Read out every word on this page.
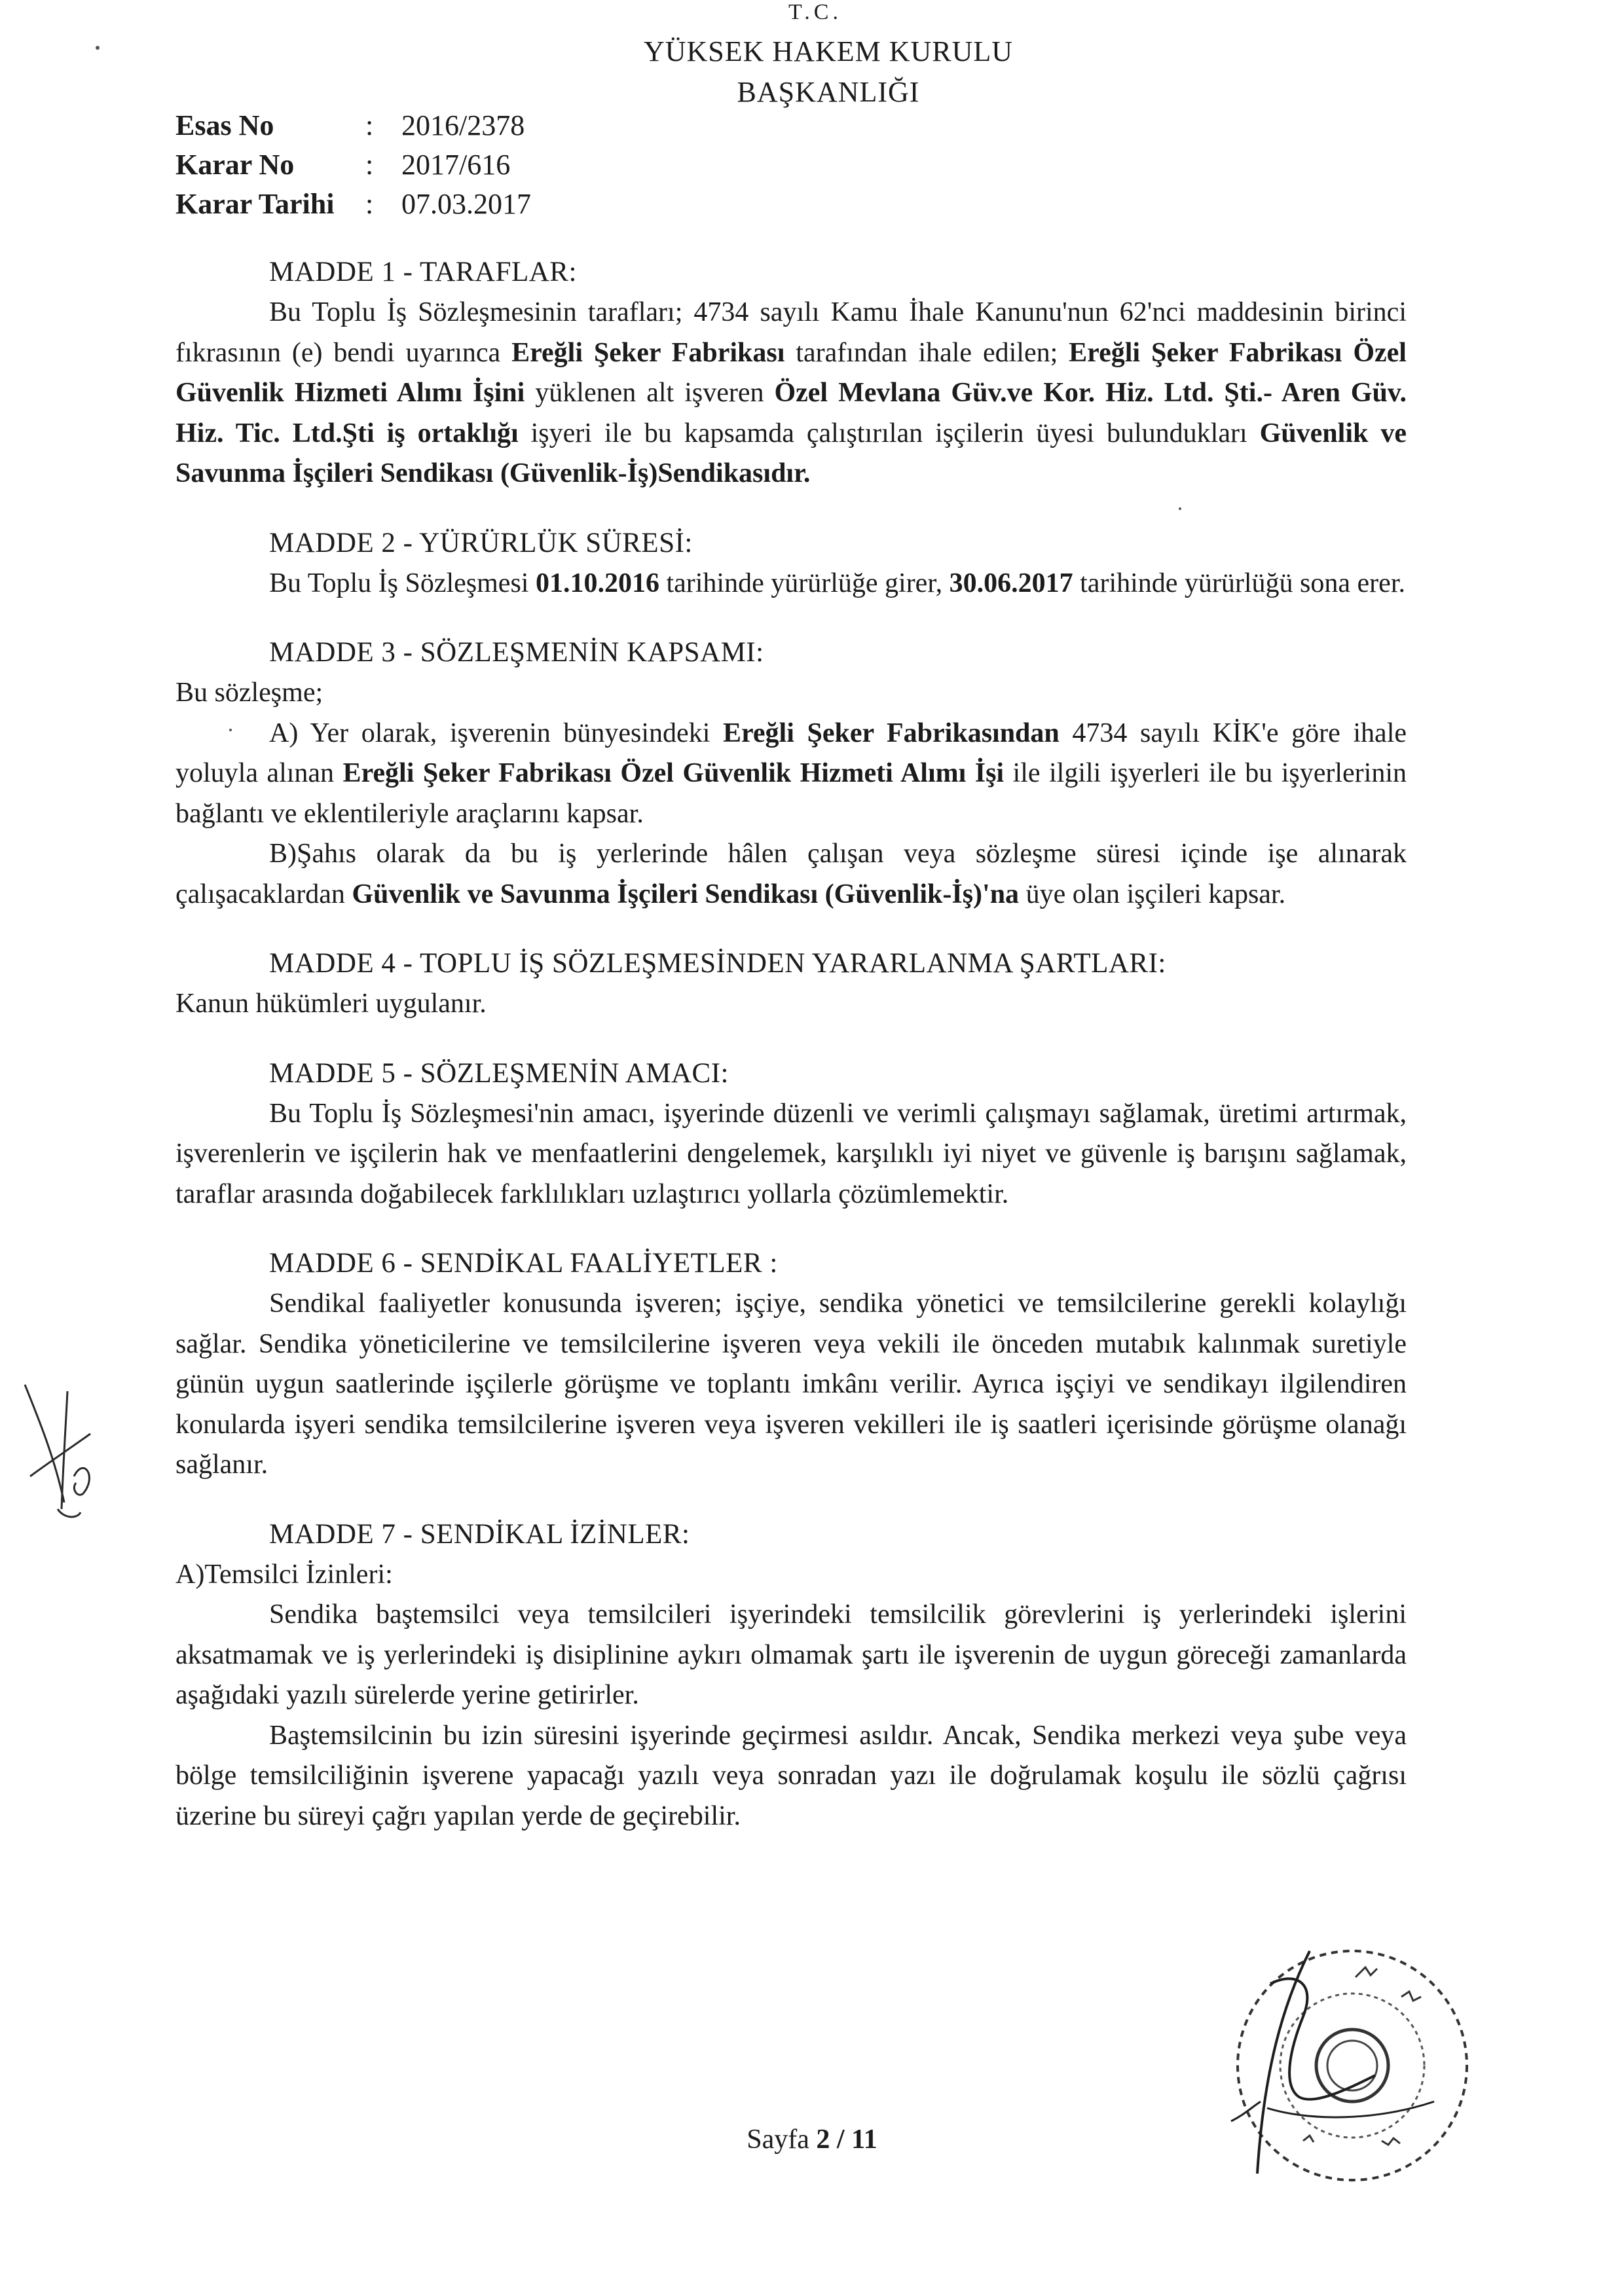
T.C.
YÜKSEK HAKEM KURULU
BAŞKANLIĞI
Esas No	: 2016/2378
Karar No	: 2017/616
Karar Tarihi	: 07.03.2017
MADDE 1 - TARAFLAR:

Bu Toplu İş Sözleşmesinin tarafları; 4734 sayılı Kamu İhale Kanunu'nun 62'nci maddesinin birinci fıkrasının (e) bendi uyarınca Ereğli Şeker Fabrikası tarafından ihale edilen; Ereğli Şeker Fabrikası Özel Güvenlik Hizmeti Alımı İşini yüklenen alt işveren Özel Mevlana Güv.ve Kor. Hiz. Ltd. Şti.- Aren Güv. Hiz. Tic. Ltd.Şti iş ortaklığı işyeri ile bu kapsamda çalıştırılan işçilerin üyesi bulundukları Güvenlik ve Savunma İşçileri Sendikası (Güvenlik-İş)Sendikasıdır.

MADDE 2 - YÜRÜRLÜK SÜRESİ:

Bu Toplu İş Sözleşmesi 01.10.2016 tarihinde yürürlüğe girer, 30.06.2017 tarihinde yürürlüğü sona erer.

MADDE 3 - SÖZLEŞMENİN KAPSAMI:

Bu sözleşme;

A) Yer olarak, işverenin bünyesindeki Ereğli Şeker Fabrikasından 4734 sayılı KİK'e göre ihale yoluyla alınan Ereğli Şeker Fabrikası Özel Güvenlik Hizmeti Alımı İşi ile ilgili işyerleri ile bu işyerlerinin bağlantı ve eklentileriyle araçlarını kapsar.

B)Şahıs olarak da bu iş yerlerinde hâlen çalışan veya sözleşme süresi içinde işe alınarak çalışacaklardan Güvenlik ve Savunma İşçileri Sendikası (Güvenlik-İş)'na üye olan işçileri kapsar.

MADDE 4 - TOPLU İŞ SÖZLEŞMESİNDEN YARARLANMA ŞARTLARI:

Kanun hükümleri uygulanır.

MADDE 5 - SÖZLEŞMENİN AMACI:

Bu Toplu İş Sözleşmesi'nin amacı, işyerinde düzenli ve verimli çalışmayı sağlamak, üretimi artırmak, işverenlerin ve işçilerin hak ve menfaatlerini dengelemek, karşılıklı iyi niyet ve güvenle iş barışını sağlamak, taraflar arasında doğabilecek farklılıkları uzlaştırıcı yollarla çözümlemektir.

MADDE 6 - SENDİKAL FAALİYETLER :

Sendikal faaliyetler konusunda işveren; işçiye, sendika yönetici ve temsilcilerine gerekli kolaylığı sağlar. Sendika yöneticilerine ve temsilcilerine işveren veya vekili ile önceden mutabık kalınmak suretiyle günün uygun saatlerinde işçilerle görüşme ve toplantı imkânı verilir. Ayrıca işçiyi ve sendikayı ilgilendiren konularda işyeri sendika temsilcilerine işveren veya işveren vekilleri ile iş saatleri içerisinde görüşme olanağı sağlanır.

MADDE 7 - SENDİKAL İZİNLER:

A)Temsilci İzinleri:

Sendika baştemsilci veya temsilcileri işyerindeki temsilcilik görevlerini iş yerlerindeki işlerini aksatmamak ve iş yerlerindeki iş disiplinine aykırı olmamak şartı ile işverenin de uygun göreceği zamanlarda aşağıdaki yazılı sürelerde yerine getirirler.

Baştemsilcinin bu izin süresini işyerinde geçirmesi asıldır. Ancak, Sendika merkezi veya şube veya bölge temsilciliğinin işverene yapacağı yazılı veya sonradan yazı ile doğrulamak koşulu ile sözlü çağrısı üzerine bu süreyi çağrı yapılan yerde de geçirebilir.

Sayfa 2 / 11
